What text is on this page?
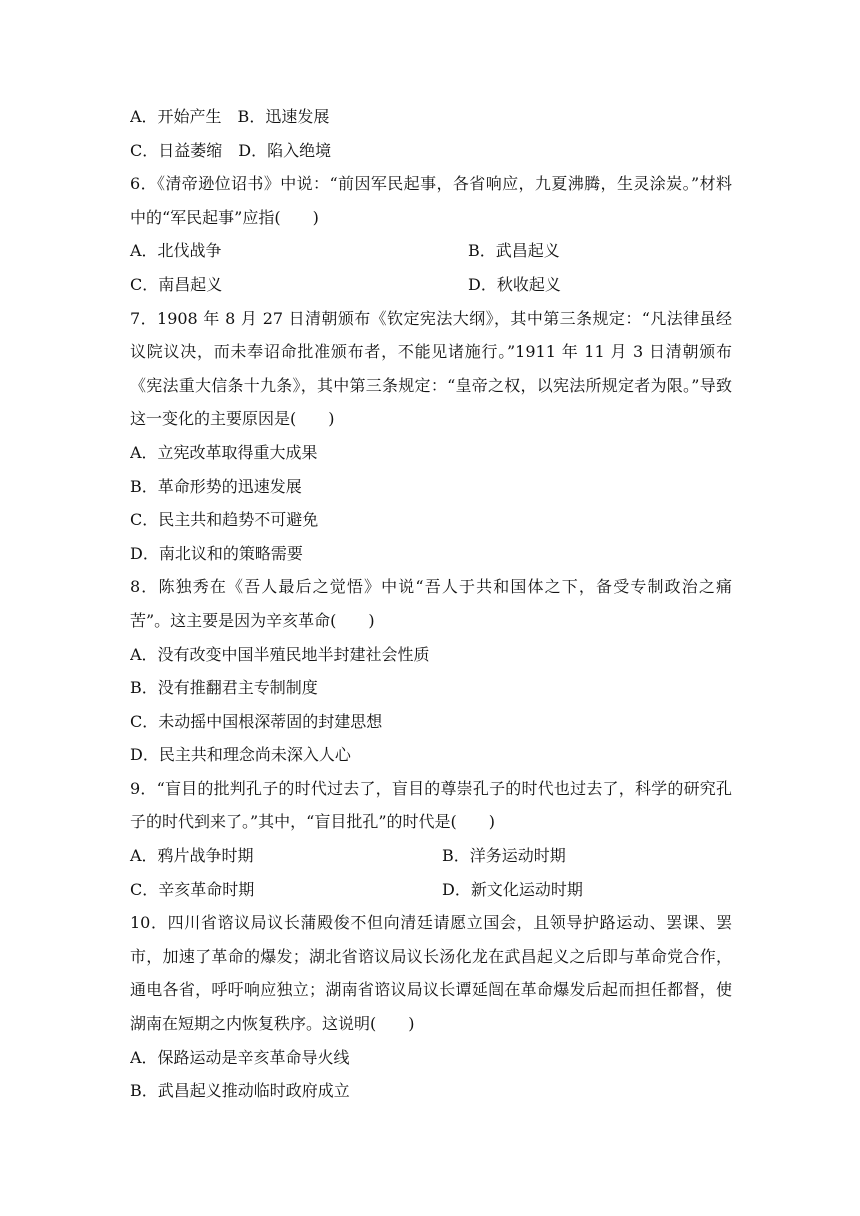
A．开始产生　B．迅速发展
C．日益萎缩　D．陷入绝境
6．《清帝逊位诏书》中说：“前因军民起事，各省响应，九夏沸腾，生灵涂炭。”材料中的“军民起事”应指(　　)
A．北伐战争	B．武昌起义
C．南昌起义	D．秋收起义
7．1908 年 8 月 27 日清朝颁布《钦定宪法大纲》，其中第三条规定：“凡法律虽经议院议决，而未奉诏命批准颁布者，不能见诸施行。”1911 年 11 月 3 日清朝颁布《宪法重大信条十九条》，其中第三条规定：“皇帝之权，以宪法所规定者为限。”导致这一变化的主要原因是(　　)
A．立宪改革取得重大成果
B．革命形势的迅速发展
C．民主共和趋势不可避免
D．南北议和的策略需要
8．陈独秀在《吾人最后之觉悟》中说“吾人于共和国体之下，备受专制政治之痛苦”。这主要是因为辛亥革命(　　)
A．没有改变中国半殖民地半封建社会性质
B．没有推翻君主专制制度
C．未动摇中国根深蒂固的封建思想
D．民主共和理念尚未深入人心
9．“盲目的批判孔子的时代过去了，盲目的尊崇孔子的时代也过去了，科学的研究孔子的时代到来了。”其中，“盲目批孔”的时代是(　　)
A．鸦片战争时期	B．洋务运动时期
C．辛亥革命时期	D．新文化运动时期
10．四川省谘议局议长蒲殿俊不但向清廷请愿立国会，且领导护路运动、罢课、罢市，加速了革命的爆发；湖北省谘议局议长汤化龙在武昌起义之后即与革命党合作，通电各省，呼吁响应独立；湖南省谘议局议长谭延闿在革命爆发后起而担任都督，使湖南在短期之内恢复秩序。这说明(　　)
A．保路运动是辛亥革命导火线
B．武昌起义推动临时政府成立
